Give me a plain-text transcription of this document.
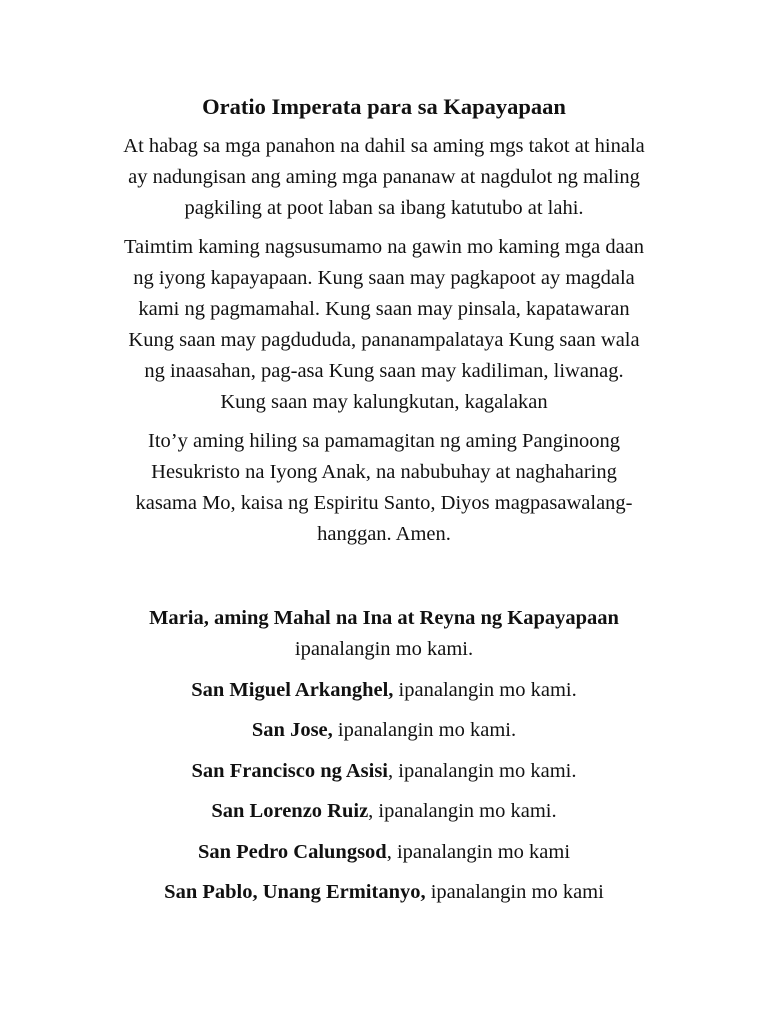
Oratio Imperata para sa Kapayapaan

At habag sa mga panahon na dahil sa aming mgs takot at hinala
ay nadungisan ang aming mga pananaw at nagdulot ng maling
pagkiling at poot laban sa ibang katutubo at lahi.

Taimtim kaming nagsusumamo na gawin mo kaming mga daan
ng iyong kapayapaan. Kung saan may pagkapoot ay magdala
kami ng pagmamahal. Kung saan may pinsala, kapatawaran
Kung saan may pagdududa, pananampalataya Kung saan wala
ng inaasahan, pag-asa Kung saan may kadiliman, liwanag.
Kung saan may kalungkutan, kagalakan

Ito’y aming hiling sa pamamagitan ng aming Panginoong
Hesukristo na Iyong Anak, na nabubuhay at naghaharing
kasama Mo, kaisa ng Espiritu Santo, Diyos magpasawalang-
hanggan. Amen.

Maria, aming Mahal na Ina at Reyna ng Kapayapaan
ipanalangin mo kami.

San Miguel Arkanghel, ipanalangin mo kami.

San Jose, ipanalangin mo kami.

San Francisco ng Asisi, ipanalangin mo kami.

San Lorenzo Ruiz, ipanalangin mo kami.

San Pedro Calungsod, ipanalangin mo kami

San Pablo, Unang Ermitanyo, ipanalangin mo kami
